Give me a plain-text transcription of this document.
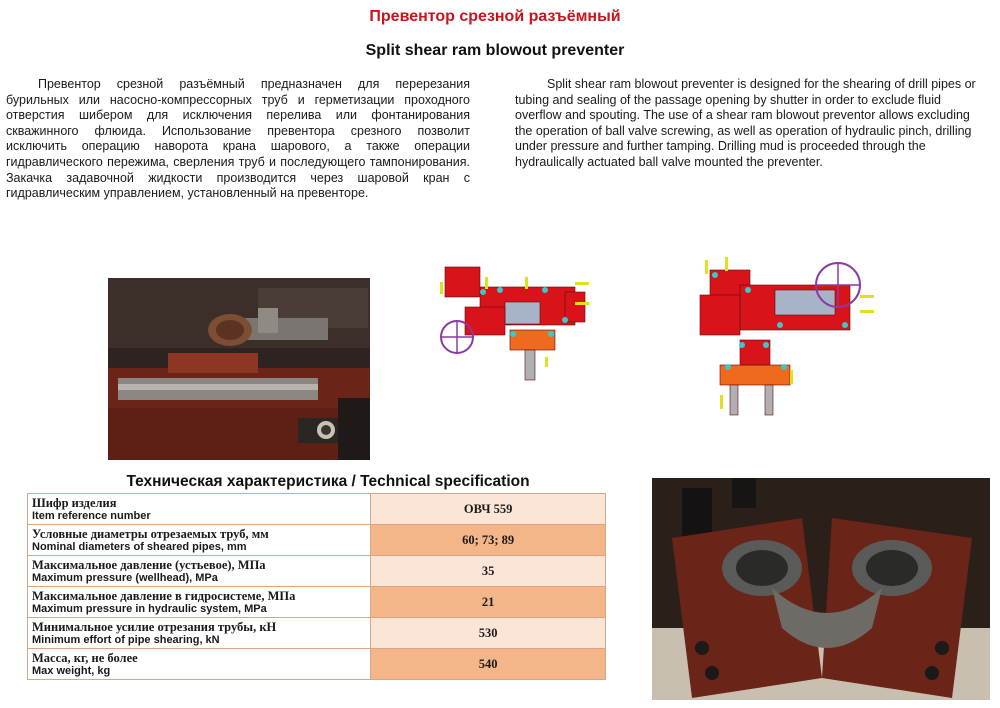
Превентор срезной разъёмный
Split shear ram blowout preventer

Превентор срезной разъёмный предназначен для перерезания бурильных или насосно-компрессорных труб и герметизации проходного отверстия шибером для исключения перелива или фонтанирования скважинного флюида. Использование превентора срезного позволит исключить операцию наворота крана шарового, а также операции гидравлического пережима, сверления труб и последующего тампонирования. Закачка задавочной жидкости производится через шаровой кран с гидравлическим управлением, установленный на превенторе.

Split shear ram blowout preventer is designed for the shearing of drill pipes or tubing and sealing of the passage opening by shutter in order to exclude fluid overflow and spouting. The use of a shear ram blowout preventor allows excluding the operation of ball valve screwing, as well as operation of hydraulic pinch, drilling under pressure and further tamping. Drilling mud is proceeded through the hydraulically actuated ball valve mounted the preventer.

Техническая характеристика / Technical specification
Шифр изделия
Item reference number	ОВЧ 559

Условные диаметры отрезаемых труб, мм
Nominal diameters of sheared pipes, mm	60; 73; 89

Максимальное давление (устьевое), МПа
Maximum pressure (wellhead), MPa	35

Максимальное давление в гидросистеме, МПа
Maximum pressure in hydraulic system, MPa	21

Минимальное усилие отрезания трубы, кН
Minimum effort of pipe shearing, kN	530

Масса, кг, не более
Max weight, kg	540
